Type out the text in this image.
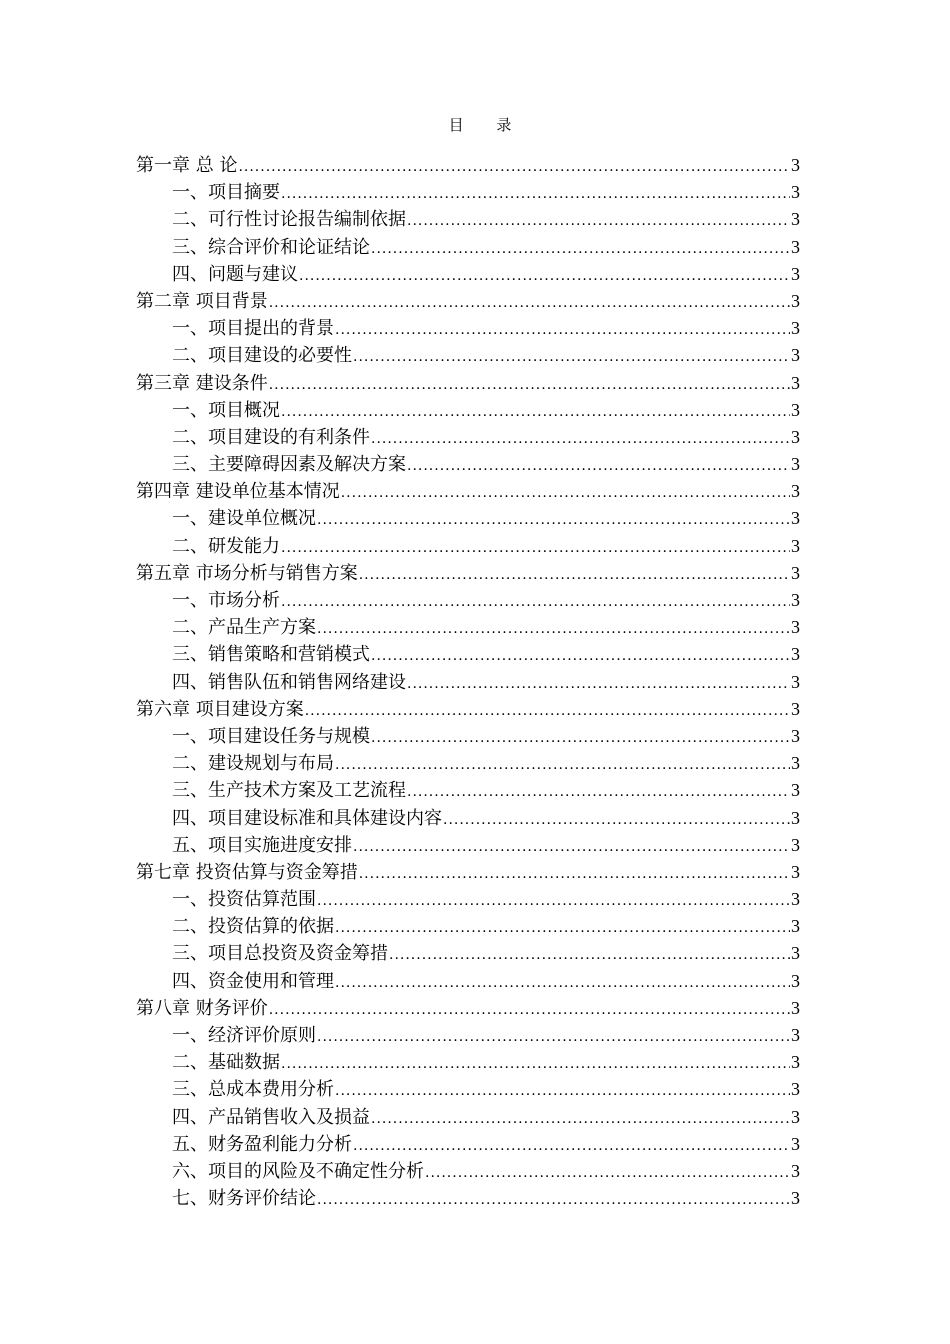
目 录
第一章 总 论 .....	3
一、项目摘要 .....	3
二、可行性讨论报告编制依据 .....	3
三、综合评价和论证结论 .....	3
四、问题与建议 .....	3
第二章 项目背景 .....	3
一、项目提出的背景 .....	3
二、项目建设的必要性 .....	3
第三章 建设条件 .....	3
一、项目概况 .....	3
二、项目建设的有利条件 .....	3
三、主要障碍因素及解决方案 .....	3
第四章 建设单位基本情况 .....	3
一、建设单位概况 .....	3
二、研发能力 .....	3
第五章 市场分析与销售方案 .....	3
一、市场分析 .....	3
二、产品生产方案 .....	3
三、销售策略和营销模式 .....	3
四、销售队伍和销售网络建设 .....	3
第六章 项目建设方案 .....	3
一、项目建设任务与规模 .....	3
二、建设规划与布局 .....	3
三、生产技术方案及工艺流程 .....	3
四、项目建设标准和具体建设内容 .....	3
五、项目实施进度安排 .....	3
第七章 投资估算与资金筹措 .....	3
一、投资估算范围 .....	3
二、投资估算的依据 .....	3
三、项目总投资及资金筹措 .....	3
四、资金使用和管理 .....	3
第八章 财务评价 .....	3
一、经济评价原则 .....	3
二、基础数据 .....	3
三、总成本费用分析 .....	3
四、产品销售收入及损益 .....	3
五、财务盈利能力分析 .....	3
六、项目的风险及不确定性分析 .....	3
七、财务评价结论 .....	3
